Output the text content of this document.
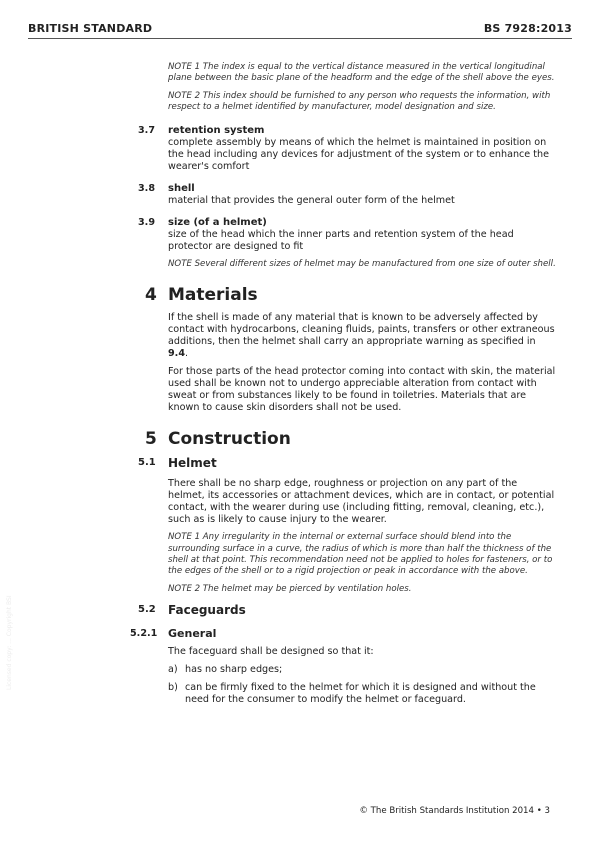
BRITISH STANDARD	BS 7928:2013
Licensed copy: ... Copyright BSI
NOTE 1 The index is equal to the vertical distance measured in the vertical longitudinal plane between the basic plane of the headform and the edge of the shell above the eyes.
NOTE 2 This index should be furnished to any person who requests the information, with respect to a helmet identified by manufacturer, model designation and size.
3.7 retention system
complete assembly by means of which the helmet is maintained in position on the head including any devices for adjustment of the system or to enhance the wearer's comfort
3.8 shell
material that provides the general outer form of the helmet
3.9 size (of a helmet)
size of the head which the inner parts and retention system of the head protector are designed to fit
NOTE Several different sizes of helmet may be manufactured from one size of outer shell.
4 Materials
If the shell is made of any material that is known to be adversely affected by contact with hydrocarbons, cleaning fluids, paints, transfers or other extraneous additions, then the helmet shall carry an appropriate warning as specified in 9.4.
For those parts of the head protector coming into contact with skin, the material used shall be known not to undergo appreciable alteration from contact with sweat or from substances likely to be found in toiletries. Materials that are known to cause skin disorders shall not be used.
5 Construction
5.1 Helmet
There shall be no sharp edge, roughness or projection on any part of the helmet, its accessories or attachment devices, which are in contact, or potential contact, with the wearer during use (including fitting, removal, cleaning, etc.), such as is likely to cause injury to the wearer.
NOTE 1 Any irregularity in the internal or external surface should blend into the surrounding surface in a curve, the radius of which is more than half the thickness of the shell at that point. This recommendation need not be applied to holes for fasteners, or to the edges of the shell or to a rigid projection or peak in accordance with the above.
NOTE 2 The helmet may be pierced by ventilation holes.
5.2 Faceguards
5.2.1 General
The faceguard shall be designed so that it:
a) has no sharp edges;
b) can be firmly fixed to the helmet for which it is designed and without the need for the consumer to modify the helmet or faceguard.
© The British Standards Institution 2014 • 3
